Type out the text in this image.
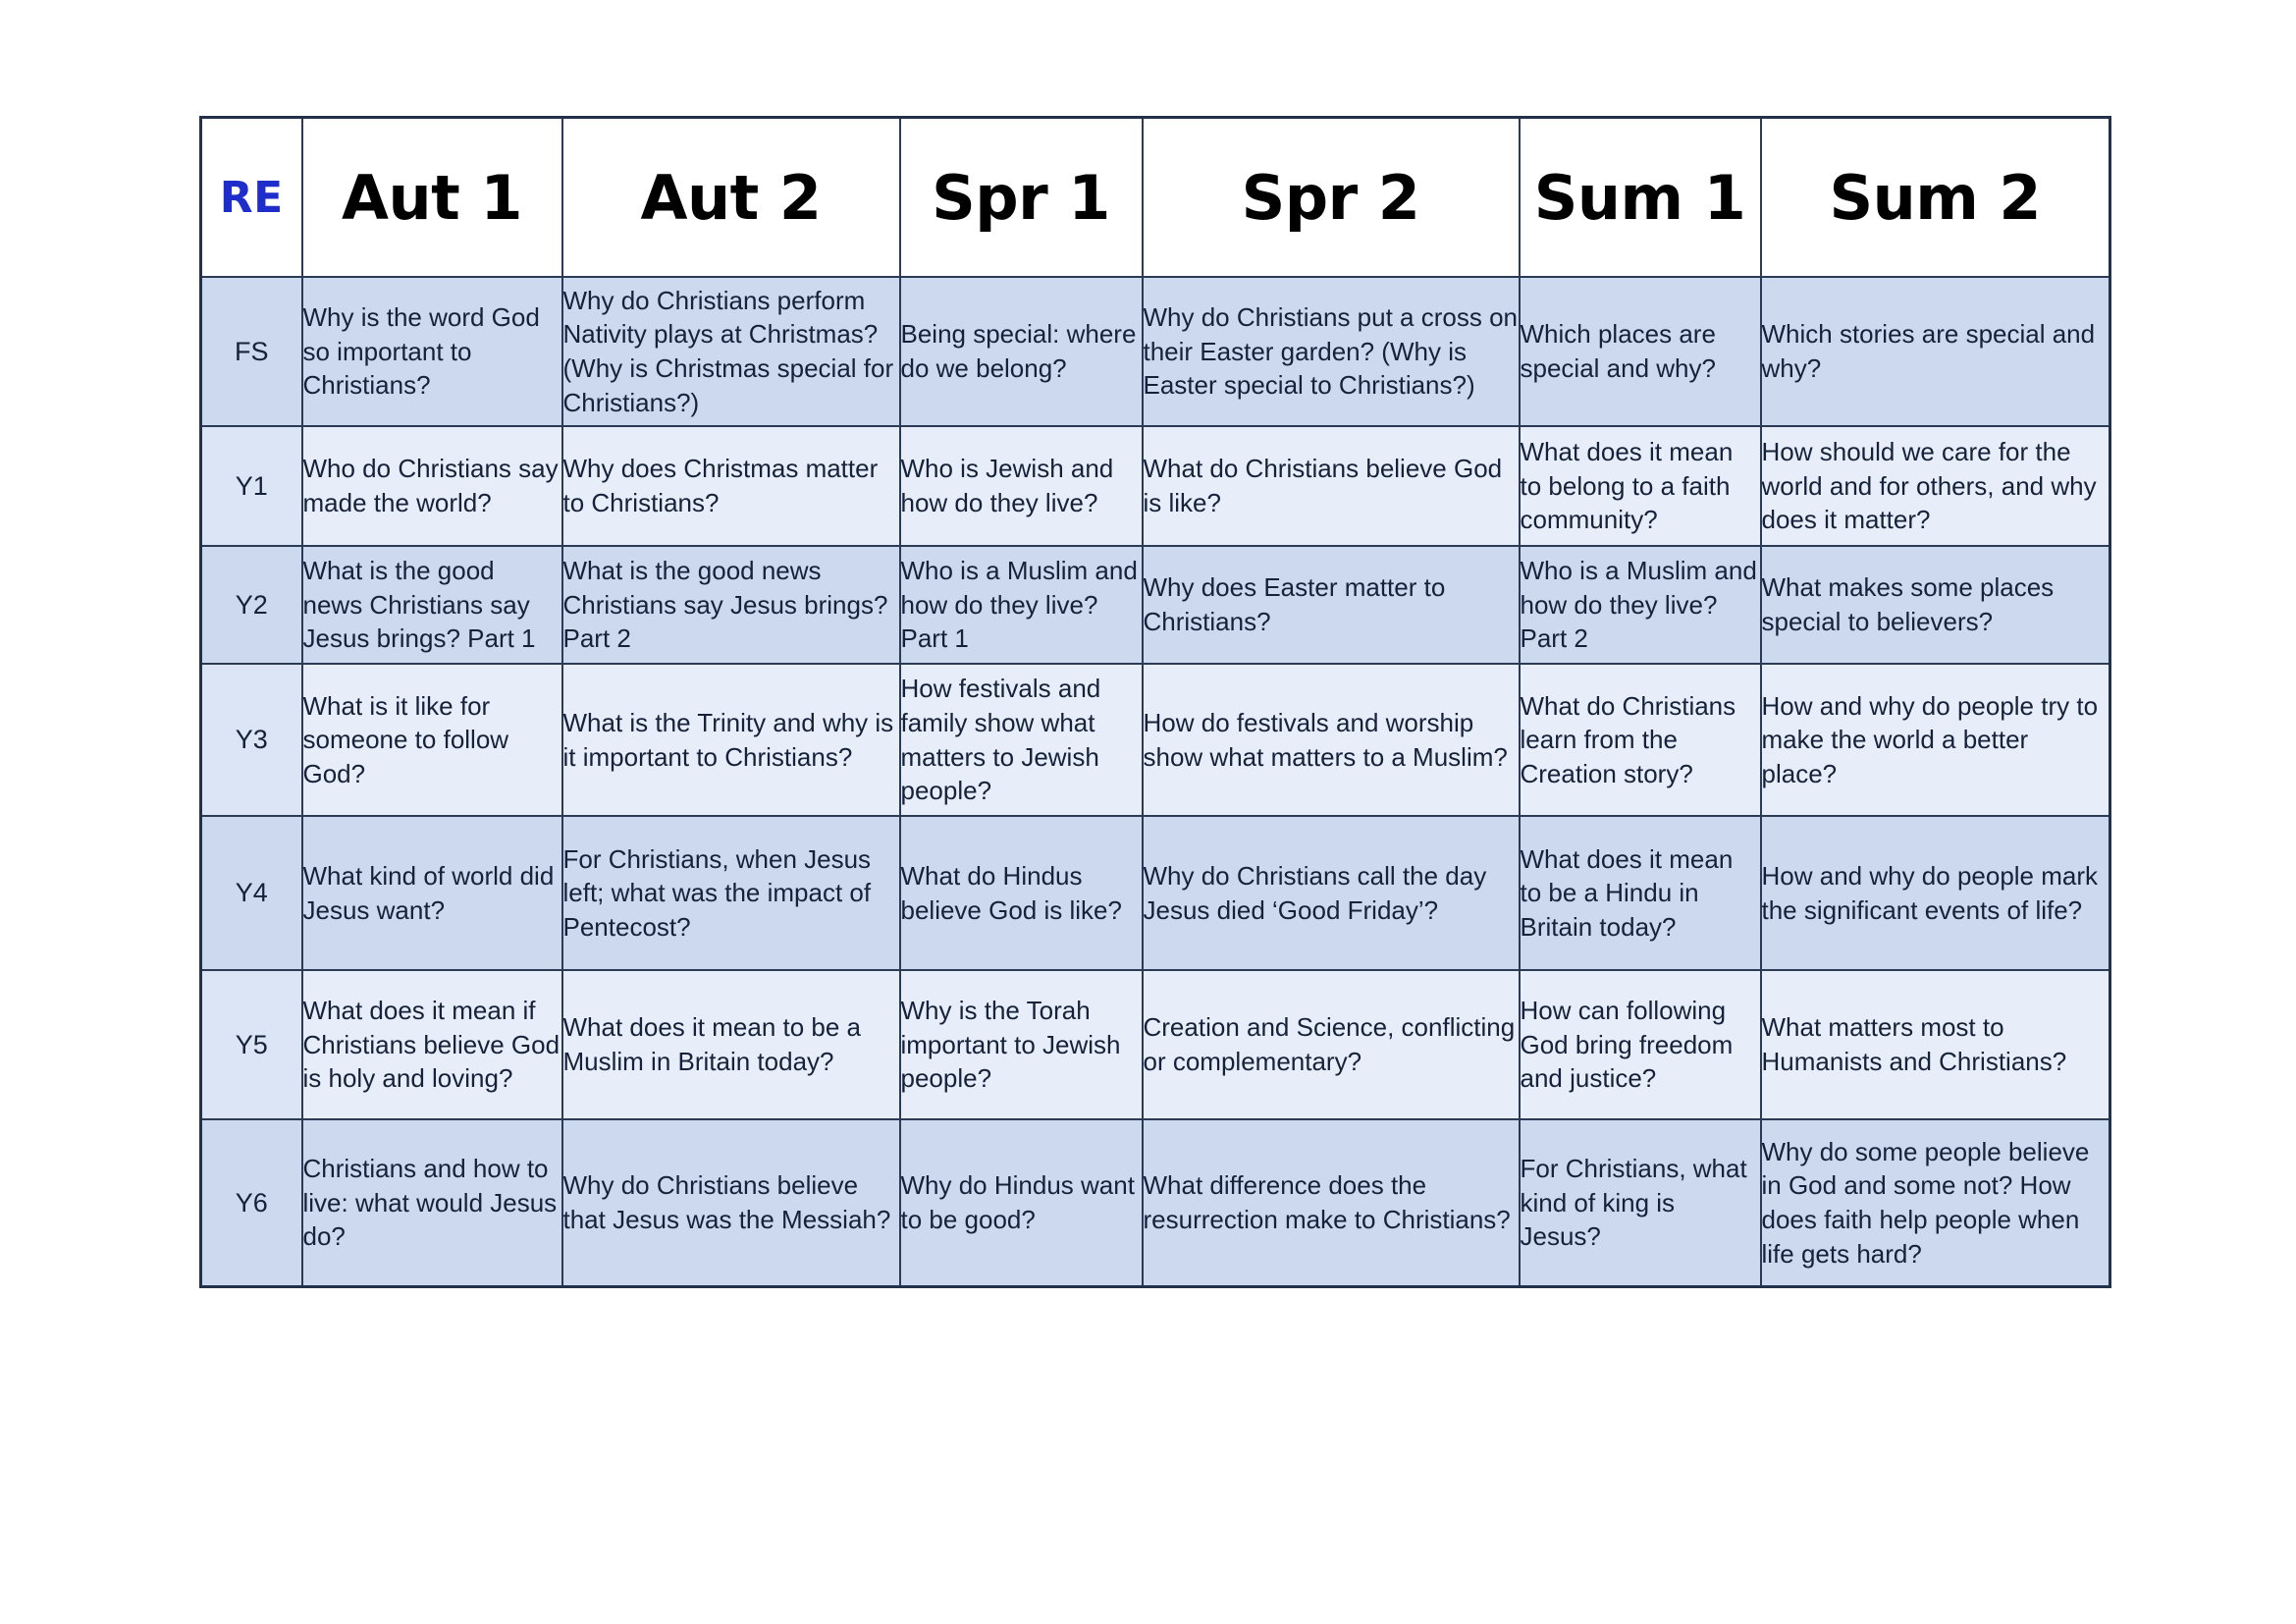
RE	Aut 1	Aut 2	Spr 1	Spr 2	Sum 1	Sum 2
FS	Why is the word God so important to Christians?	Why do Christians perform Nativity plays at Christmas? (Why is Christmas special for Christians?)	Being special: where do we belong?	Why do Christians put a cross on their Easter garden? (Why is Easter special to Christians?)	Which places are special and why?	Which stories are special and why?
Y1	Who do Christians say made the world?	Why does Christmas matter to Christians?	Who is Jewish and how do they live?	What do Christians believe God is like?	What does it mean to belong to a faith community?	How should we care for the world and for others, and why does it matter?
Y2	What is the good news Christians say Jesus brings? Part 1	What is the good news Christians say Jesus brings? Part 2	Who is a Muslim and how do they live? Part 1	Why does Easter matter to Christians?	Who is a Muslim and how do they live? Part 2	What makes some places special to believers?
Y3	What is it like for someone to follow God?	What is the Trinity and why is it important to Christians?	How festivals and family show what matters to Jewish people?	How do festivals and worship show what matters to a Muslim?	What do Christians learn from the Creation story?	How and why do people try to make the world a better place?
Y4	What kind of world did Jesus want?	For Christians, when Jesus left; what was the impact of Pentecost?	What do Hindus believe God is like?	Why do Christians call the day Jesus died ‘Good Friday’?	What does it mean to be a Hindu in Britain today?	How and why do people mark the significant events of life?
Y5	What does it mean if Christians believe God is holy and loving?	What does it mean to be a Muslim in Britain today?	Why is the Torah important to Jewish people?	Creation and Science, conflicting or complementary?	How can following God bring freedom and justice?	What matters most to Humanists and Christians?
Y6	Christians and how to live: what would Jesus do?	Why do Christians believe that Jesus was the Messiah?	Why do Hindus want to be good?	What difference does the resurrection make to Christians?	For Christians, what kind of king is Jesus?	Why do some people believe in God and some not? How does faith help people when life gets hard?
